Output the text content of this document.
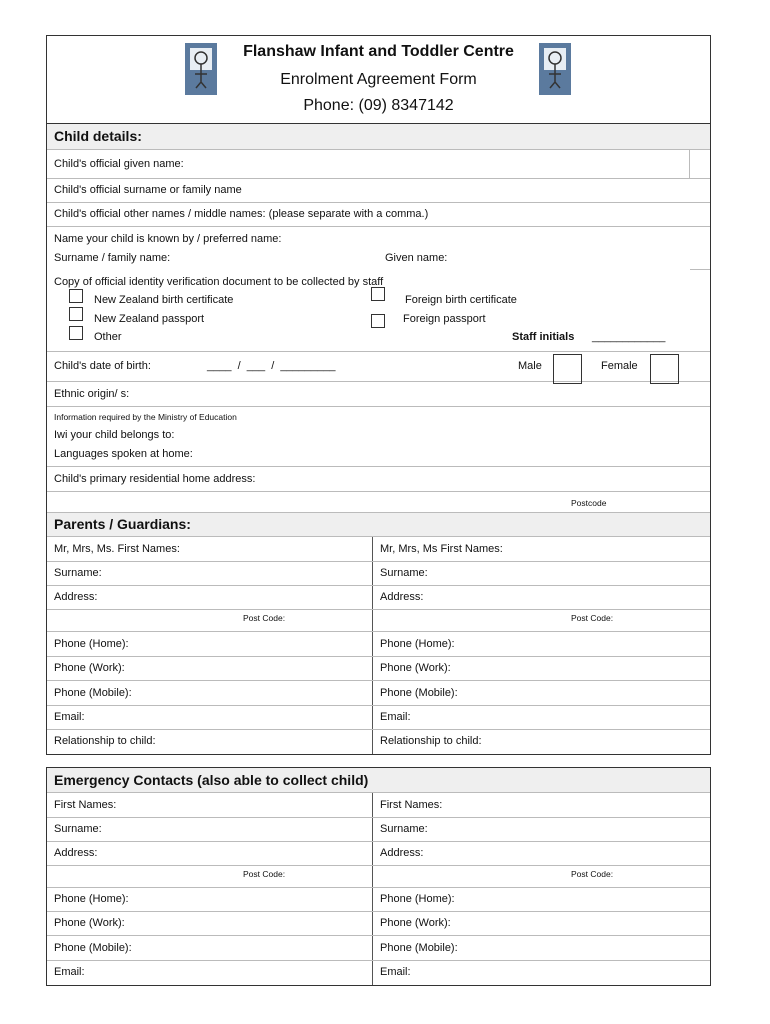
Flanshaw Infant and Toddler Centre
Enrolment Agreement Form
Phone: (09) 8347142
Child details:
Child's official given name:
Child's official surname or family name
Child's official other names / middle names: (please separate with a comma.)
Name your child is known by / preferred name:
Surname / family name:	Given name:
Copy of official identity verification document to be collected by staff
New Zealand birth certificate
New Zealand passport
Other
Foreign birth certificate
Foreign passport
Staff initials ____________
Child's date of birth:	____  /  ___  /  _________	Male	Female
Ethnic origin/ s:
Information required by the Ministry of Education
Iwi your child belongs to:
Languages spoken at home:
Child's primary residential home address:
Postcode
Parents / Guardians:
Mr, Mrs, Ms. First Names:	Mr, Mrs, Ms First Names:
Surname:	Surname:
Address:	Address:
Post Code:	Post Code:
Phone (Home):	Phone (Home):
Phone (Work):	Phone (Work):
Phone (Mobile):	Phone (Mobile):
Email:	Email:
Relationship to child:	Relationship to child:
Emergency Contacts (also able to collect child)
First Names:	First Names:
Surname:	Surname:
Address:	Address:
Post Code:	Post Code:
Phone (Home):	Phone (Home):
Phone (Work):	Phone (Work):
Phone (Mobile):	Phone (Mobile):
Email:	Email:
